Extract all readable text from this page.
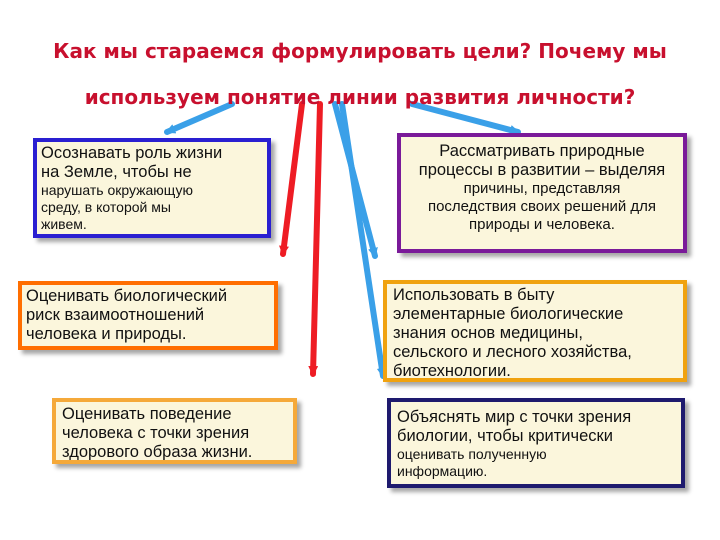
Как мы стараемся формулировать цели? Почему мы используем понятие линии развития личности?
Осознавать роль жизни
на Земле, чтобы не
нарушать окружающую
среду, в которой мы
живем.
Рассматривать природные
процессы в развитии – выделяя
причины, представляя
последствия своих решений для
природы и человека.
Оценивать биологический
риск взаимоотношений
человека и природы.
Использовать в быту
элементарные биологические
знания основ медицины,
сельского и лесного хозяйства,
биотехнологии.
Оценивать поведение
человека с точки зрения
здорового образа жизни.
Объяснять мир с точки зрения
биологии, чтобы критически
оценивать полученную
информацию.
